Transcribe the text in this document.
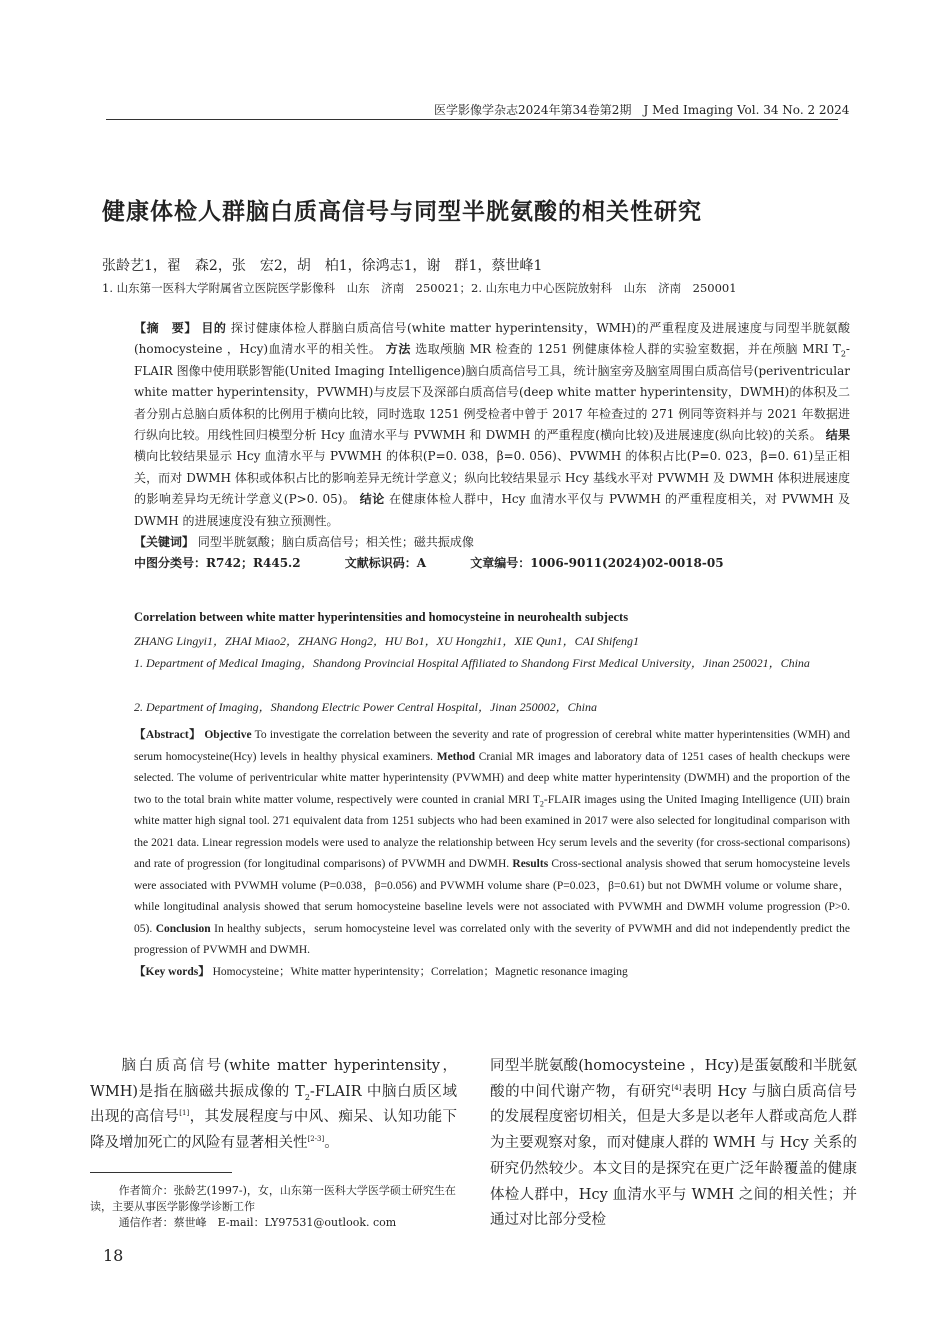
医学影像学杂志2024年第34卷第2期　J Med Imaging Vol. 34 No. 2 2024
健康体检人群脑白质高信号与同型半胱氨酸的相关性研究
张龄艺1，翟　森2，张　宏2，胡　柏1，徐鸿志1，谢　群1，蔡世峰1
1. 山东第一医科大学附属省立医院医学影像科　山东　济南　250021；2. 山东电力中心医院放射科　山东　济南　250001
【摘　要】 目的 探讨健康体检人群脑白质高信号(white matter hyperintensity，WMH)的严重程度及进展速度与同型半胱氨酸(homocysteine ，Hcy)血清水平的相关性。 方法 选取颅脑 MR 检查的 1251 例健康体检人群的实验室数据，并在颅脑 MRI $T_2$-FLAIR 图像中使用联影智能(United Imaging Intelligence)脑白质高信号工具，统计脑室旁及脑室周围白质高信号(periventricular white matter hyperintensity，PVWMH)与皮层下及深部白质高信号(deep white matter hyperintensity，DWMH)的体积及二者分别占总脑白质体积的比例用于横向比较，同时选取 1251 例受检者中曾于 2017 年检查过的 271 例同等资料并与 2021 年数据进行纵向比较。用线性回归模型分析 Hcy 血清水平与 PVWMH 和 DWMH 的严重程度(横向比较)及进展速度(纵向比较)的关系。 结果 横向比较结果显示 Hcy 血清水平与 PVWMH 的体积(P=0. 038，β=0. 056)、PVWMH 的体积占比(P=0. 023，β=0. 61)呈正相关，而对 DWMH 体积或体积占比的影响差异无统计学意义；纵向比较结果显示 Hcy 基线水平对 PVWMH 及 DWMH 体积进展速度的影响差异均无统计学意义(P>0. 05)。 结论 在健康体检人群中，Hcy 血清水平仅与 PVWMH 的严重程度相关，对 PVWMH 及 DWMH 的进展速度没有独立预测性。
【关键词】 同型半胱氨酸；脑白质高信号；相关性；磁共振成像
中图分类号：R742；R445.2	文献标识码：A	文章编号：1006-9011(2024)02-0018-05
Correlation between white matter hyperintensities and homocysteine in neurohealth subjects
ZHANG Lingyi1，ZHAI Miao2，ZHANG Hong2，HU Bo1，XU Hongzhi1，XIE Qun1，CAI Shifeng1
1. Department of Medical Imaging，Shandong Provincial Hospital Affiliated to Shandong First Medical University，Jinan 250021，China
2. Department of Imaging，Shandong Electric Power Central Hospital，Jinan 250002，China
【Abstract】 Objective To investigate the correlation between the severity and rate of progression of cerebral white matter hyperintensities (WMH) and serum homocysteine(Hcy) levels in healthy physical examiners. Method Cranial MR images and laboratory data of 1251 cases of health checkups were selected. The volume of periventricular white matter hyperintensity (PVWMH) and deep white matter hyperintensity (DWMH) and the proportion of the two to the total brain white matter volume, respectively were counted in cranial MRI $T_2$-FLAIR images using the United Imaging Intelligence (UII) brain white matter high signal tool. 271 equivalent data from 1251 subjects who had been examined in 2017 were also selected for longitudinal comparison with the 2021 data. Linear regression models were used to analyze the relationship between Hcy serum levels and the severity (for cross-sectional comparisons) and rate of progression (for longitudinal comparisons) of PVWMH and DWMH. Results Cross-sectional analysis showed that serum homocysteine levels were associated with PVWMH volume (P=0.038，β=0.056) and PVWMH volume share (P=0.023，β=0.61) but not DWMH volume or volume share，while longitudinal analysis showed that serum homocysteine baseline levels were not associated with PVWMH and DWMH volume progression (P>0. 05). Conclusion In healthy subjects，serum homocysteine level was correlated only with the severity of PVWMH and did not independently predict the progression of PVWMH and DWMH.
【Key words】 Homocysteine；White matter hyperintensity；Correlation；Magnetic resonance imaging
脑白质高信号(white matter hyperintensity，WMH)是指在脑磁共振成像的 $T_2$-FLAIR 中脑白质区域出现的高信号[1]，其发展程度与中风、痴呆、认知功能下降及增加死亡的风险有显著相关性[2-3]。
同型半胱氨酸(homocysteine ，Hcy)是蛋氨酸和半胱氨酸的中间代谢产物，有研究[4]表明 Hcy 与脑白质高信号的发展程度密切相关，但是大多是以老年人群或高危人群为主要观察对象，而对健康人群的 WMH 与 Hcy 关系的研究仍然较少。本文目的是探究在更广泛年龄覆盖的健康体检人群中，Hcy 血清水平与 WMH 之间的相关性；并通过对比部分受检
作者简介：张龄艺(1997-)，女，山东第一医科大学医学硕士研究生在读，主要从事医学影像学诊断工作
通信作者：蔡世峰　E-mail：LY97531@outlook. com
18
